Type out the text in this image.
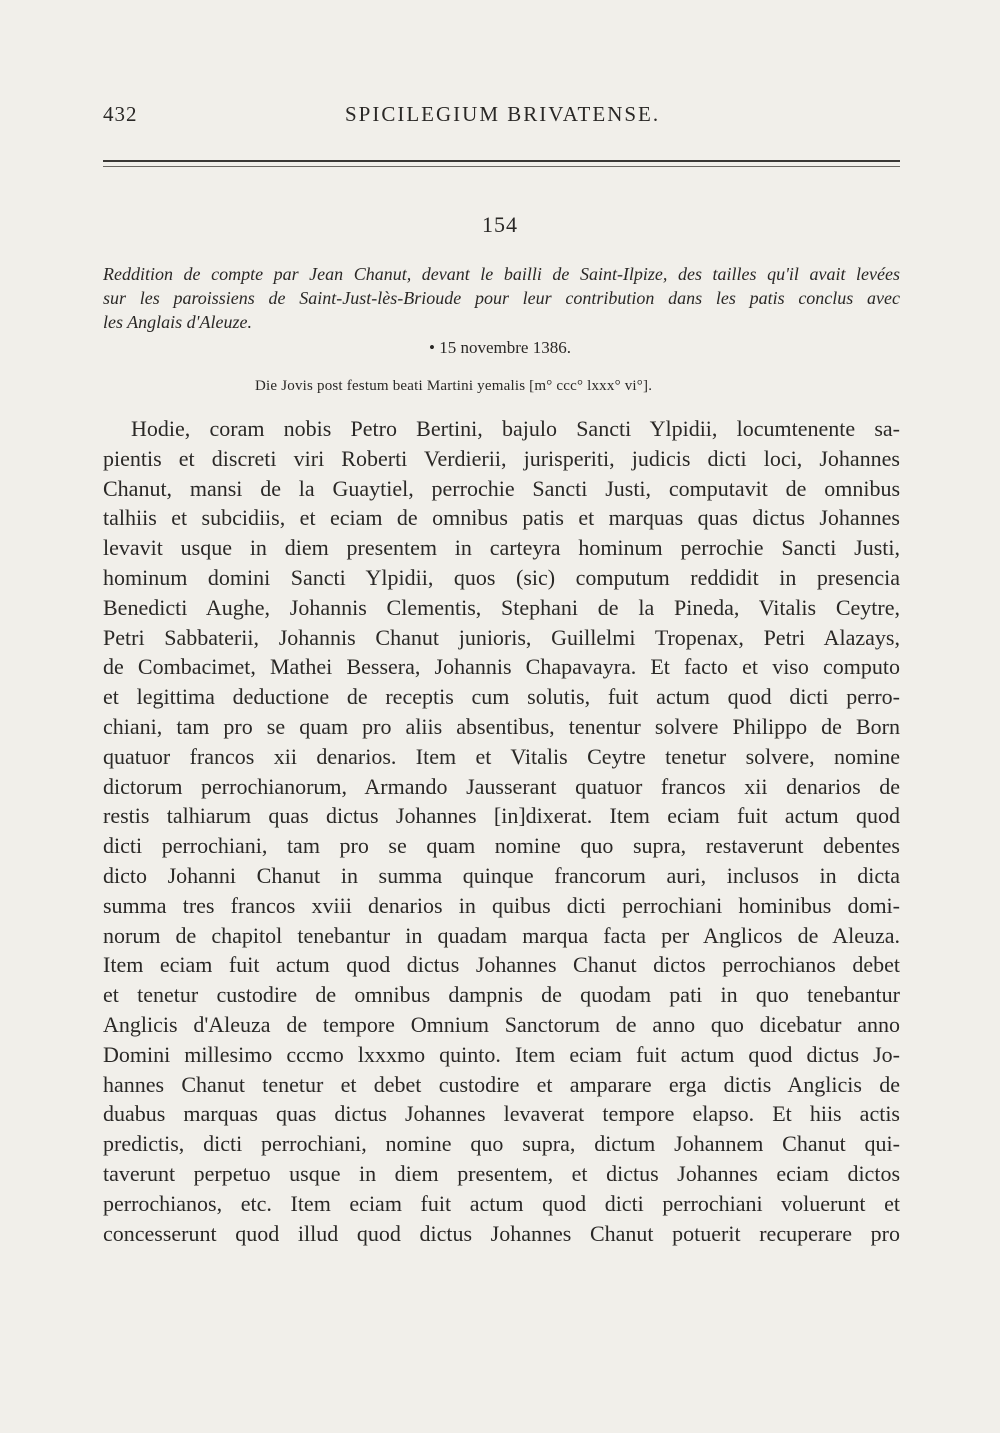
432	SPICILEGIUM BRIVATENSE.
154
Reddition de compte par Jean Chanut, devant le bailli de Saint-Ilpize, des tailles qu'il avait levées
sur les paroissiens de Saint-Just-lès-Brioude pour leur contribution dans les patis conclus avec
les Anglais d'Aleuze.
• 15 novembre 1386.
Die Jovis post festum beati Martini yemalis [m° ccc° lxxx° vi°].
Hodie, coram nobis Petro Bertini, bajulo Sancti Ylpidii, locumtenente sa-
pientis et discreti viri Roberti Verdierii, jurisperiti, judicis dicti loci, Johannes
Chanut, mansi de la Guaytiel, perrochie Sancti Justi, computavit de omnibus
talhiis et subcidiis, et eciam de omnibus patis et marquas quas dictus Johannes
levavit usque in diem presentem in carteyra hominum perrochie Sancti Justi,
hominum domini Sancti Ylpidii, quos (sic) computum reddidit in presencia
Benedicti Aughe, Johannis Clementis, Stephani de la Pineda, Vitalis Ceytre,
Petri Sabbaterii, Johannis Chanut junioris, Guillelmi Tropenax, Petri Alazays,
de Combacimet, Mathei Bessera, Johannis Chapavayra. Et facto et viso computo
et legittima deductione de receptis cum solutis, fuit actum quod dicti perro-
chiani, tam pro se quam pro aliis absentibus, tenentur solvere Philippo de Born
quatuor francos xii denarios. Item et Vitalis Ceytre tenetur solvere, nomine
dictorum perrochianorum, Armando Jausserant quatuor francos xii denarios de
restis talhiarum quas dictus Johannes [in]dixerat. Item eciam fuit actum quod
dicti perrochiani, tam pro se quam nomine quo supra, restaverunt debentes
dicto Johanni Chanut in summa quinque francorum auri, inclusos in dicta
summa tres francos xviii denarios in quibus dicti perrochiani hominibus domi-
norum de chapitol tenebantur in quadam marqua facta per Anglicos de Aleuza.
Item eciam fuit actum quod dictus Johannes Chanut dictos perrochianos debet
et tenetur custodire de omnibus dampnis de quodam pati in quo tenebantur
Anglicis d'Aleuza de tempore Omnium Sanctorum de anno quo dicebatur anno
Domini millesimo cccmo lxxxmo quinto. Item eciam fuit actum quod dictus Jo-
hannes Chanut tenetur et debet custodire et amparare erga dictis Anglicis de
duabus marquas quas dictus Johannes levaverat tempore elapso. Et hiis actis
predictis, dicti perrochiani, nomine quo supra, dictum Johannem Chanut qui-
taverunt perpetuo usque in diem presentem, et dictus Johannes eciam dictos
perrochianos, etc. Item eciam fuit actum quod dicti perrochiani voluerunt et
concesserunt quod illud quod dictus Johannes Chanut potuerit recuperare pro
